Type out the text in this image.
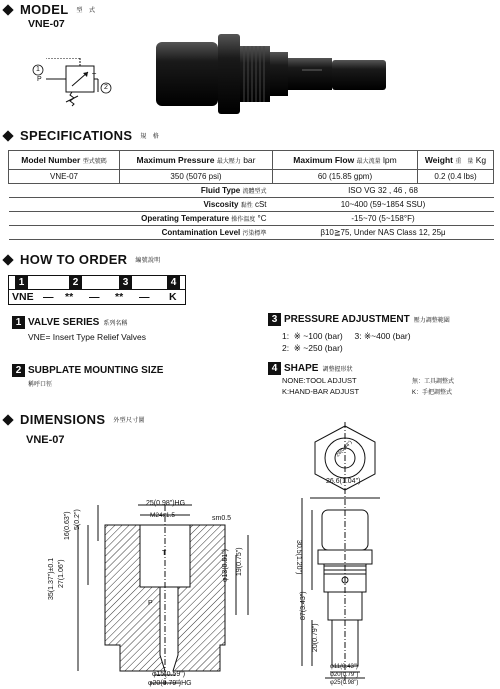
MODEL 型　式
VNE-07
1
P	T
2
SPECIFICATIONS 規　格
Model Number 型式號碼	Maximum Pressure 最大壓力 bar	Maximum Flow 最大流量 lpm	Weight 重　量 Kg
VNE-07	350 (5076 psi)	60 (15.85 gpm)	0.2 (0.4 lbs)
Fluid Type 流體型式		ISO VG 32 , 46 , 68	
Viscosity 黏性 cSt		10~400 (59~1854 SSU)	
Operating Temperature 操作溫度 °C		-15~70 (5~158°F)	
Contamination Level 污染標準		β10≧75, Under NAS Class 12, 25μ	
HOW TO ORDER 編號說明
1	2	3	4
VNE — ** — ** — K
1 VALVE SERIES 系列名稱
VNE= Insert Type Relief Valves
2 SUBPLATE MOUNTING SIZE
稱呼口徑
3 PRESSURE ADJUSTMENT 壓力調整範圍
1:  ※ ~100 (bar)     3: ※~400 (bar)
2:  ※ ~250 (bar)
4 SHAPE 調整握形狀
NONE:TOOL ADJUST	無：工具調整式
K:HAND-BAR ADJUST	K：手把調整式
DIMENSIONS 外型尺寸圖
VNE-07
25(0.98")HG
M24x1.5	sm0.5
T
P
φ15(0.59")
φ20(0.79")HG
16(0.63") 5(0.2")
35(1.37")±0.1 27(1.06")	φ13(0.51") 19(0.75")
26.6(1.04")
24(0.94")
30.5(1.20")
87(3.43")
20(0.79")
φ11(0.43")
φ20(0.79")
φ25(0.98")
